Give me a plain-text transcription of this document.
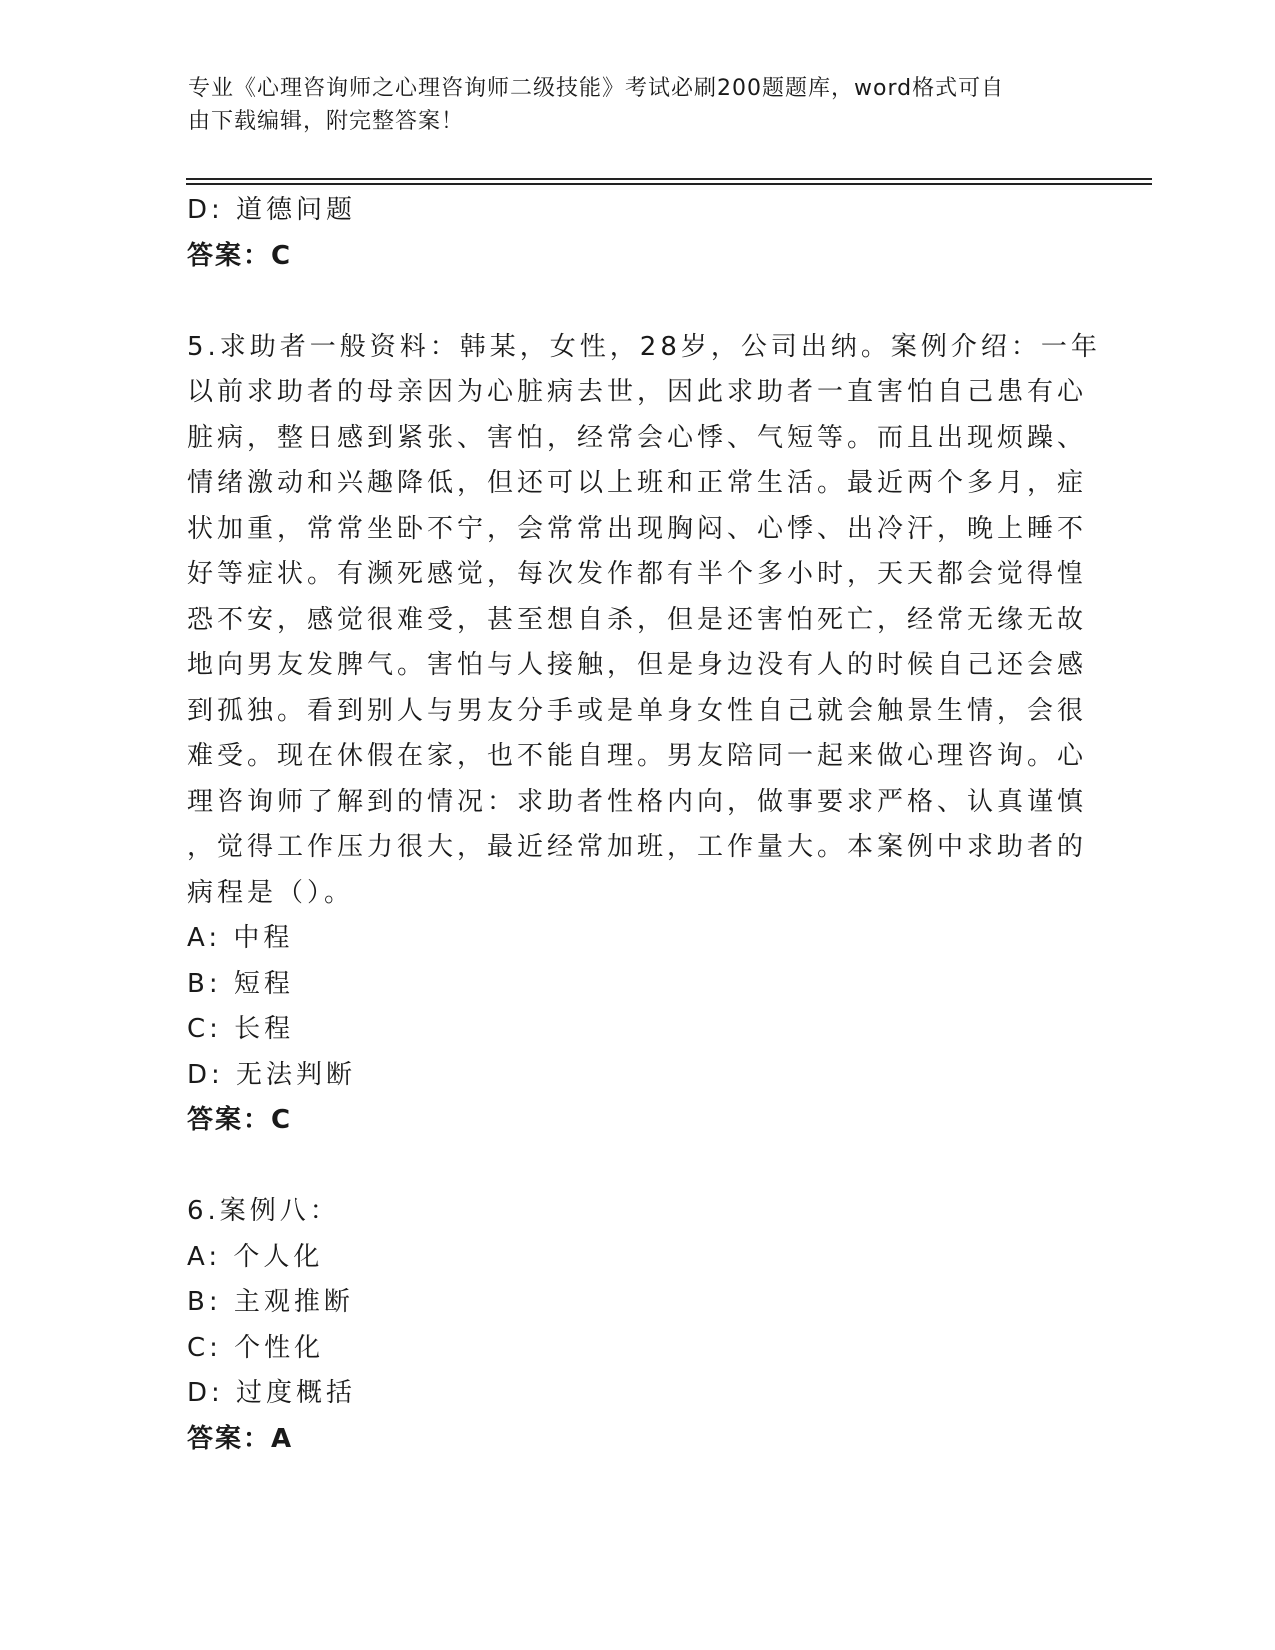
专业《心理咨询师之心理咨询师二级技能》考试必刷200题题库，word格式可自
由下载编辑，附完整答案！
D: 道德问题
答案：C
5.求助者一般资料：韩某，女性，28岁，公司出纳。案例介绍：一年
以前求助者的母亲因为心脏病去世，因此求助者一直害怕自己患有心
脏病，整日感到紧张、害怕，经常会心悸、气短等。而且出现烦躁、
情绪激动和兴趣降低，但还可以上班和正常生活。最近两个多月，症
状加重，常常坐卧不宁，会常常出现胸闷、心悸、出冷汗，晚上睡不
好等症状。有濒死感觉，每次发作都有半个多小时，天天都会觉得惶
恐不安，感觉很难受，甚至想自杀，但是还害怕死亡，经常无缘无故
地向男友发脾气。害怕与人接触，但是身边没有人的时候自己还会感
到孤独。看到别人与男友分手或是单身女性自己就会触景生情，会很
难受。现在休假在家，也不能自理。男友陪同一起来做心理咨询。心
理咨询师了解到的情况：求助者性格内向，做事要求严格、认真谨慎
，觉得工作压力很大，最近经常加班，工作量大。本案例中求助者的
病程是（）。
A: 中程
B: 短程
C: 长程
D: 无法判断
答案：C
6.案例八：
A: 个人化
B: 主观推断
C: 个性化
D: 过度概括
答案：A
